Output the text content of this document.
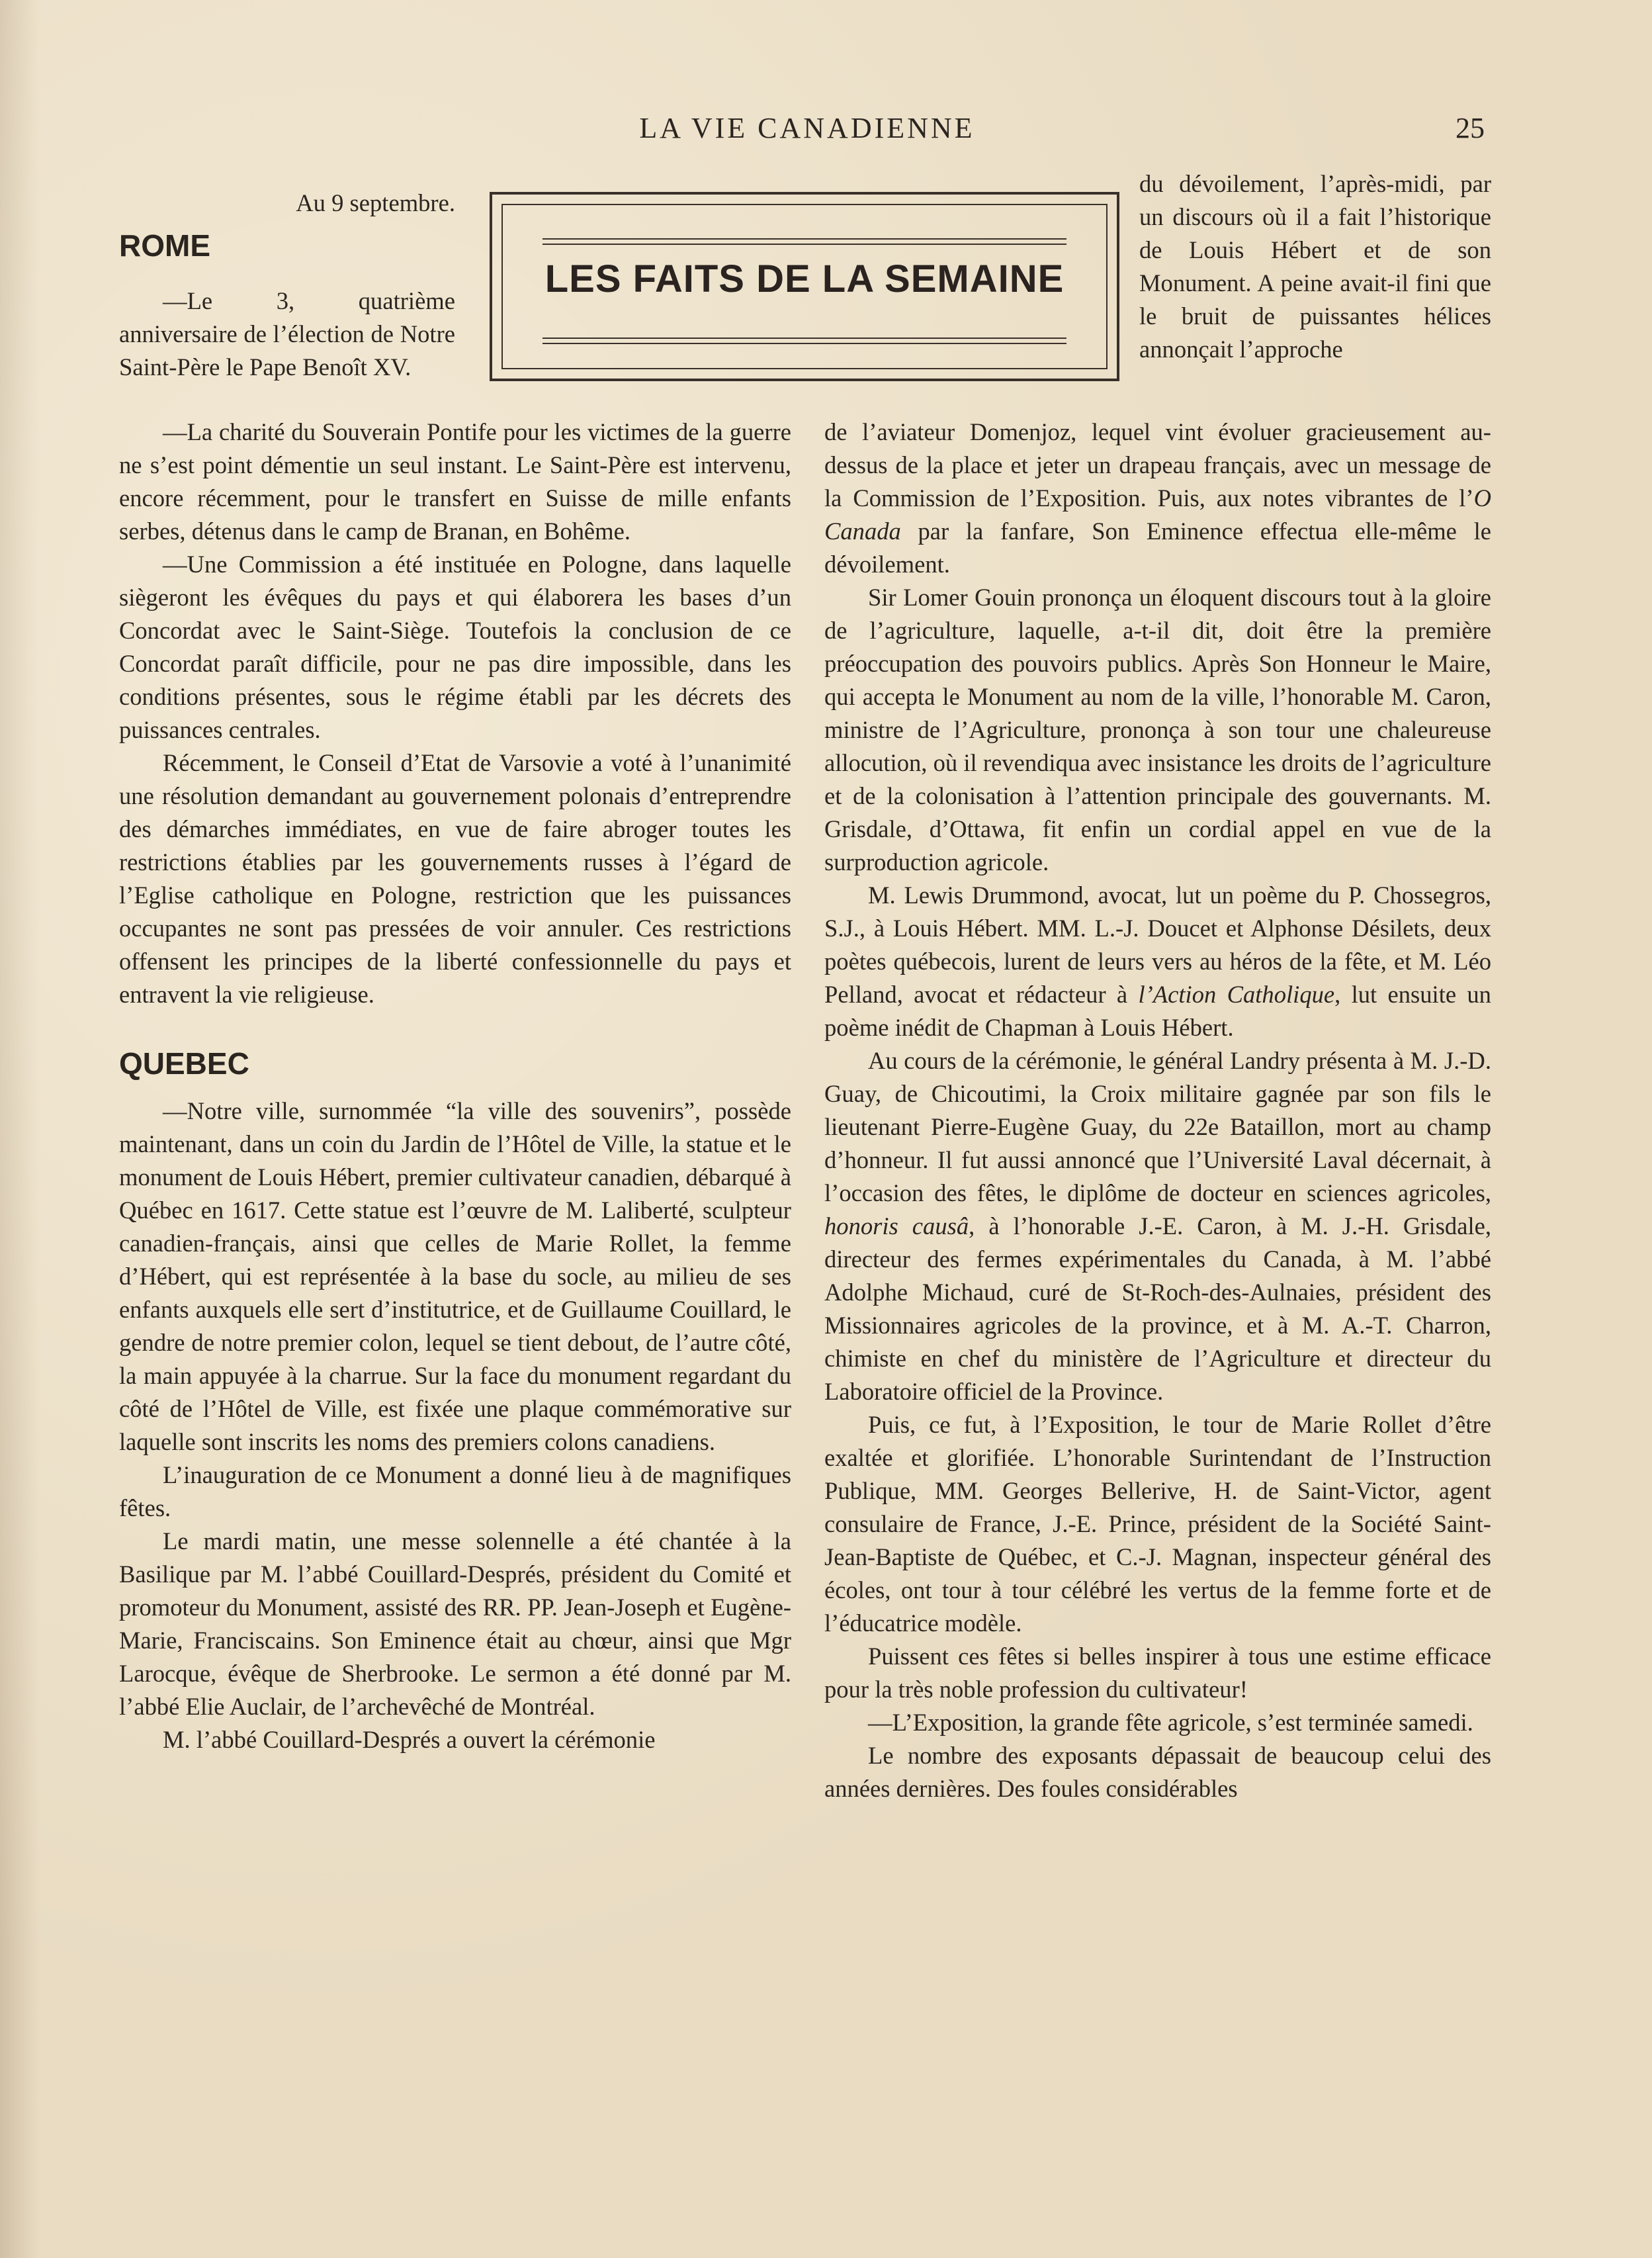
LA VIE CANADIENNE	25
LES FAITS DE LA SEMAINE

Au 9 septembre.

ROME

—Le 3, quatrième anniversaire de l’élection de Notre Saint-Père le Pape Benoît XV.

—La charité du Souverain Pontife pour les victimes de la guerre ne s’est point démentie un seul instant. Le Saint-Père est intervenu, encore récemment, pour le transfert en Suisse de mille enfants serbes, détenus dans le camp de Branan, en Bohême.

—Une Commission a été instituée en Pologne, dans laquelle siègeront les évêques du pays et qui élaborera les bases d’un Concordat avec le Saint-Siège. Toutefois la conclusion de ce Concordat paraît difficile, pour ne pas dire impossible, dans les conditions présentes, sous le régime établi par les décrets des puissances centrales.

Récemment, le Conseil d’Etat de Varsovie a voté à l’unanimité une résolution demandant au gouvernement polonais d’entreprendre des démarches immédiates, en vue de faire abroger toutes les restrictions établies par les gouvernements russes à l’égard de l’Eglise catholique en Pologne, restriction que les puissances occupantes ne sont pas pressées de voir annuler. Ces restrictions offensent les principes de la liberté confessionnelle du pays et entravent la vie religieuse.

QUEBEC

—Notre ville, surnommée “la ville des souvenirs”, possède maintenant, dans un coin du Jardin de l’Hôtel de Ville, la statue et le monument de Louis Hébert, premier cultivateur canadien, débarqué à Québec en 1617. Cette statue est l’œuvre de M. Laliberté, sculpteur canadien-français, ainsi que celles de Marie Rollet, la femme d’Hébert, qui est représentée à la base du socle, au milieu de ses enfants auxquels elle sert d’institutrice, et de Guillaume Couillard, le gendre de notre premier colon, lequel se tient debout, de l’autre côté, la main appuyée à la charrue. Sur la face du monument regardant du côté de l’Hôtel de Ville, est fixée une plaque commémorative sur laquelle sont inscrits les noms des premiers colons canadiens.

L’inauguration de ce Monument a donné lieu à de magnifiques fêtes.

Le mardi matin, une messe solennelle a été chantée à la Basilique par M. l’abbé Couillard-Després, président du Comité et promoteur du Monument, assisté des RR. PP. Jean-Joseph et Eugène-Marie, Franciscains. Son Eminence était au chœur, ainsi que Mgr Larocque, évêque de Sherbrooke. Le sermon a été donné par M. l’abbé Elie Auclair, de l’archevêché de Montréal.

M. l’abbé Couillard-Després a ouvert la cérémonie

du dévoilement, l’après-midi, par un discours où il a fait l’historique de Louis Hébert et de son Monument. A peine avait-il fini que le bruit de puissantes hélices annonçait l’approche

de l’aviateur Domenjoz, lequel vint évoluer gracieusement au-dessus de la place et jeter un drapeau français, avec un message de la Commission de l’Exposition. Puis, aux notes vibrantes de l’O Canada par la fanfare, Son Eminence effectua elle-même le dévoilement.

Sir Lomer Gouin prononça un éloquent discours tout à la gloire de l’agriculture, laquelle, a-t-il dit, doit être la première préoccupation des pouvoirs publics. Après Son Honneur le Maire, qui accepta le Monument au nom de la ville, l’honorable M. Caron, ministre de l’Agriculture, prononça à son tour une chaleureuse allocution, où il revendiqua avec insistance les droits de l’agriculture et de la colonisation à l’attention principale des gouvernants. M. Grisdale, d’Ottawa, fit enfin un cordial appel en vue de la surproduction agricole.

M. Lewis Drummond, avocat, lut un poème du P. Chossegros, S.J., à Louis Hébert. MM. L.-J. Doucet et Alphonse Désilets, deux poètes québecois, lurent de leurs vers au héros de la fête, et M. Léo Pelland, avocat et rédacteur à l’Action Catholique, lut ensuite un poème inédit de Chapman à Louis Hébert.

Au cours de la cérémonie, le général Landry présenta à M. J.-D. Guay, de Chicoutimi, la Croix militaire gagnée par son fils le lieutenant Pierre-Eugène Guay, du 22e Bataillon, mort au champ d’honneur. Il fut aussi annoncé que l’Université Laval décernait, à l’occasion des fêtes, le diplôme de docteur en sciences agricoles, honoris causâ, à l’honorable J.-E. Caron, à M. J.-H. Grisdale, directeur des fermes expérimentales du Canada, à M. l’abbé Adolphe Michaud, curé de St-Roch-des-Aulnaies, président des Missionnaires agricoles de la province, et à M. A.-T. Charron, chimiste en chef du ministère de l’Agriculture et directeur du Laboratoire officiel de la Province.

Puis, ce fut, à l’Exposition, le tour de Marie Rollet d’être exaltée et glorifiée. L’honorable Surintendant de l’Instruction Publique, MM. Georges Bellerive, H. de Saint-Victor, agent consulaire de France, J.-E. Prince, président de la Société Saint-Jean-Baptiste de Québec, et C.-J. Magnan, inspecteur général des écoles, ont tour à tour célébré les vertus de la femme forte et de l’éducatrice modèle.

Puissent ces fêtes si belles inspirer à tous une estime efficace pour la très noble profession du cultivateur!

—L’Exposition, la grande fête agricole, s’est terminée samedi.

Le nombre des exposants dépassait de beaucoup celui des années dernières. Des foules considérables
